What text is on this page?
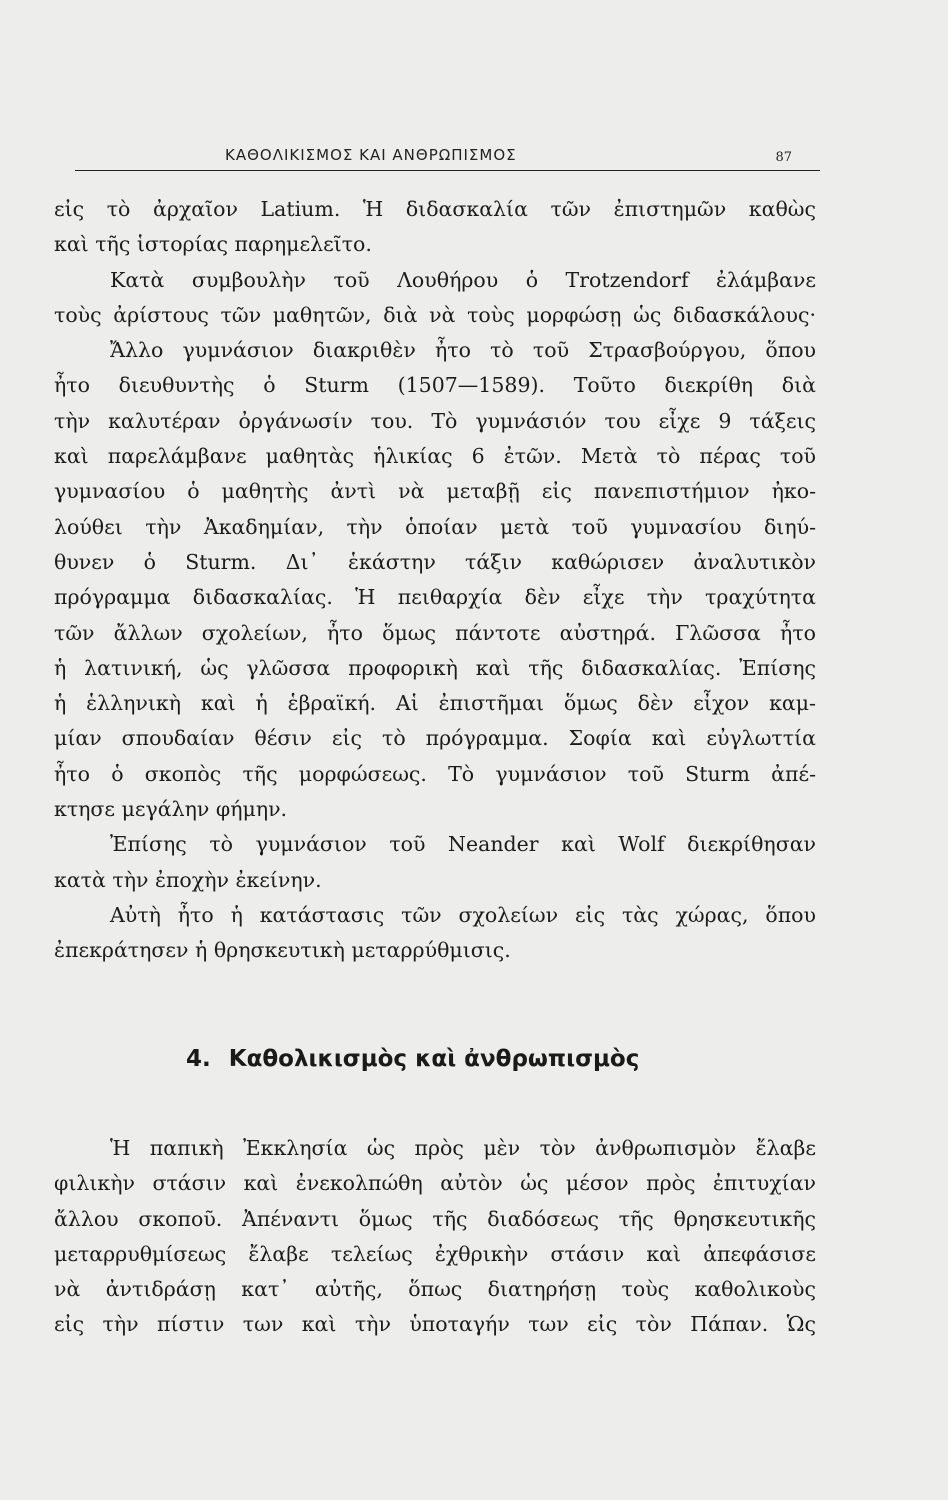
ΚΑΘΟΛΙΚΙΣΜΟΣ ΚΑΙ ΑΝΘΡΩΠΙΣΜΟΣ	87
εἰς τὸ ἀρχαῖον Latium. Ἡ διδασκαλία τῶν ἐπιστημῶν καθὼς
καὶ τῆς ἱστορίας παρημελεῖτο.
Κατὰ συμβουλὴν τοῦ Λουθήρου ὁ Trotzendorf ἐλάμβανε
τοὺς ἀρίστους τῶν μαθητῶν, διὰ νὰ τοὺς μορφώσῃ ὡς διδασκάλους·
Ἄλλο γυμνάσιον διακριθὲν ἦτο τὸ τοῦ Στρασβούργου, ὅπου
ἦτο διευθυντὴς ὁ Sturm (1507—1589). Τοῦτο διεκρίθη διὰ
τὴν καλυτέραν ὀργάνωσίν του. Τὸ γυμνάσιόν του εἶχε 9 τάξεις
καὶ παρελάμβανε μαθητὰς ἡλικίας 6 ἐτῶν. Μετὰ τὸ πέρας τοῦ
γυμνασίου ὁ μαθητὴς ἀντὶ νὰ μεταβῇ εἰς πανεπιστήμιον ἠκο-
λούθει τὴν Ἀκαδημίαν, τὴν ὁποίαν μετὰ τοῦ γυμνασίου διηύ-
θυνεν ὁ Sturm. Δι᾿ ἑκάστην τάξιν καθώρισεν ἀναλυτικὸν
πρόγραμμα διδασκαλίας. Ἡ πειθαρχία δὲν εἶχε τὴν τραχύτητα
τῶν ἄλλων σχολείων, ἦτο ὅμως πάντοτε αὐστηρά. Γλῶσσα ἦτο
ἡ λατινική, ὡς γλῶσσα προφορικὴ καὶ τῆς διδασκαλίας. Ἐπίσης
ἡ ἑλληνικὴ καὶ ἡ ἑβραϊκή. Αἱ ἐπιστῆμαι ὅμως δὲν εἶχον καμ-
μίαν σπουδαίαν θέσιν εἰς τὸ πρόγραμμα. Σοφία καὶ εὐγλωττία
ἦτο ὁ σκοπὸς τῆς μορφώσεως. Τὸ γυμνάσιον τοῦ Sturm ἀπέ-
κτησε μεγάλην φήμην.
Ἐπίσης τὸ γυμνάσιον τοῦ Neander καὶ Wolf διεκρίθησαν
κατὰ τὴν ἐποχὴν ἐκείνην.
Αὐτὴ ἦτο ἡ κατάστασις τῶν σχολείων εἰς τὰς χώρας, ὅπου
ἐπεκράτησεν ἡ θρησκευτικὴ μεταρρύθμισις.
4. Καθολικισμὸς καὶ ἀνθρωπισμὸς
Ἡ παπικὴ Ἐκκλησία ὡς πρὸς μὲν τὸν ἀνθρωπισμὸν ἔλαβε
φιλικὴν στάσιν καὶ ἐνεκολπώθη αὐτὸν ὡς μέσον πρὸς ἐπιτυχίαν
ἄλλου σκοποῦ. Ἀπέναντι ὅμως τῆς διαδόσεως τῆς θρησκευτικῆς
μεταρρυθμίσεως ἔλαβε τελείως ἐχθρικὴν στάσιν καὶ ἀπεφάσισε
νὰ ἀντιδράσῃ κατ᾿ αὐτῆς, ὅπως διατηρήσῃ τοὺς καθολικοὺς
εἰς τὴν πίστιν των καὶ τὴν ὑποταγήν των εἰς τὸν Πάπαν. Ὡς
